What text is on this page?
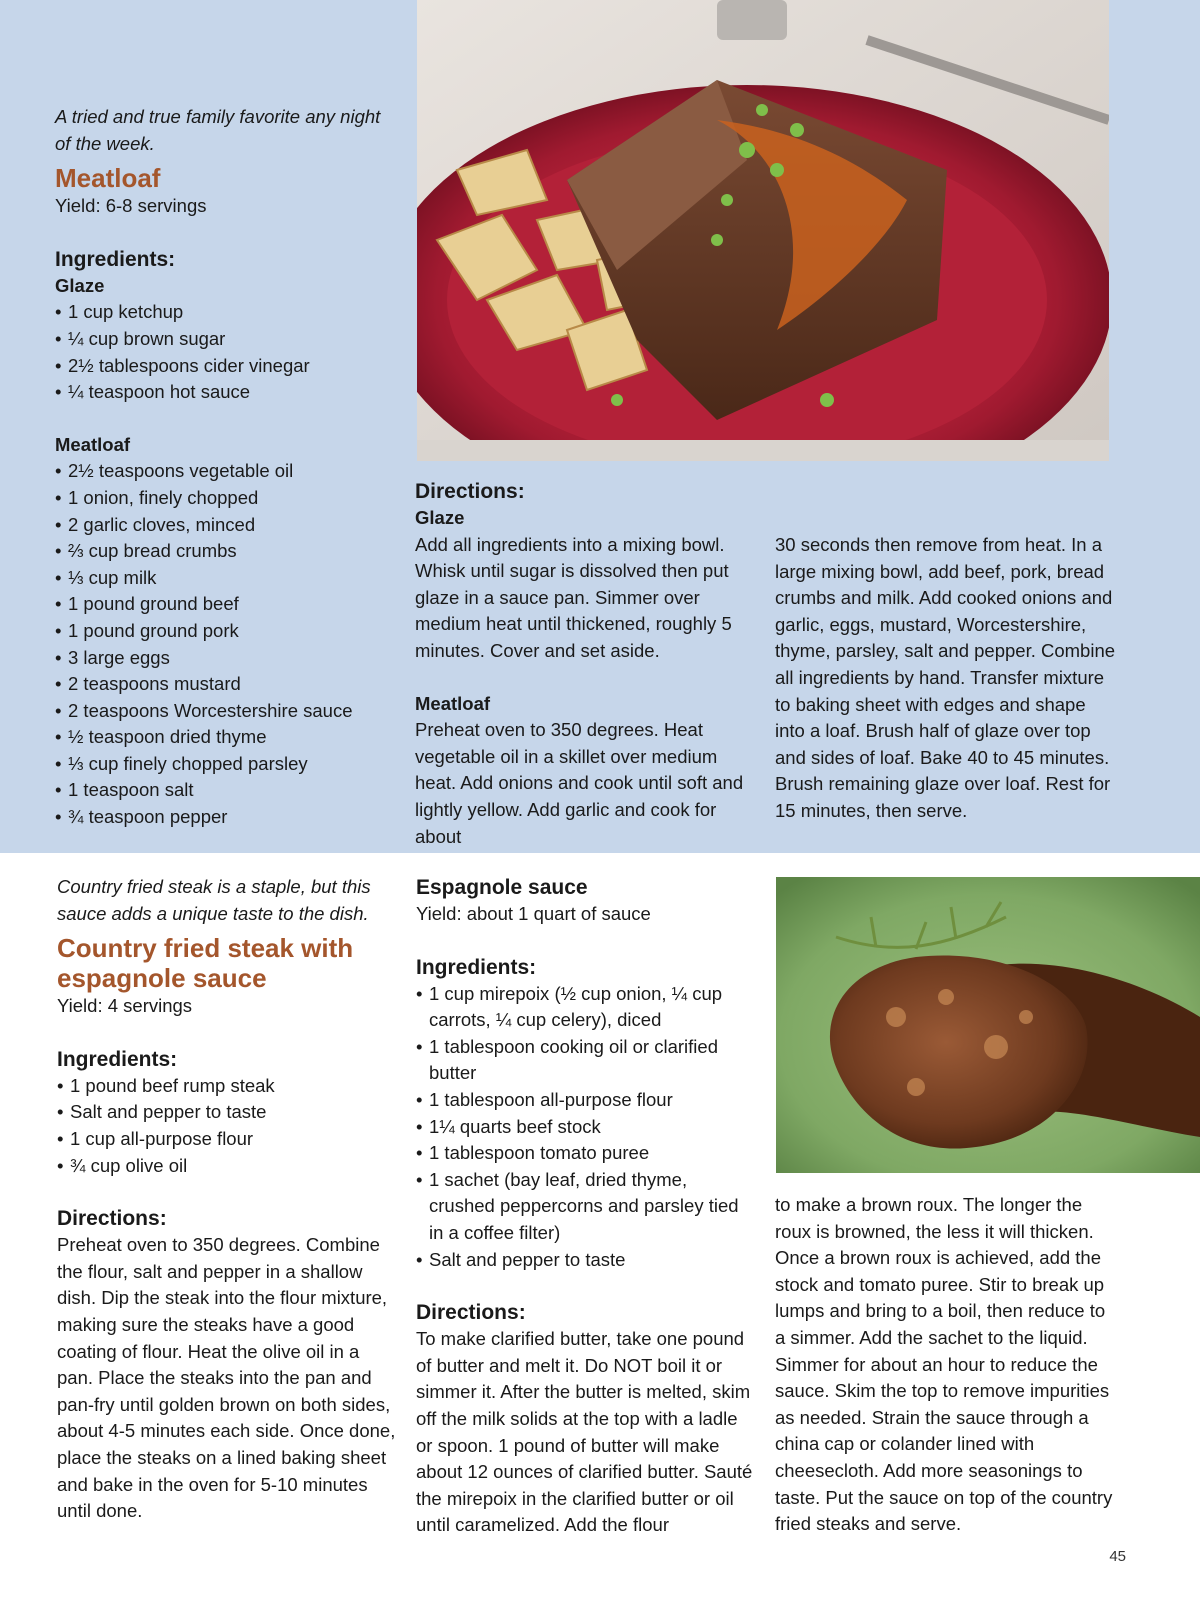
A tried and true family favorite any night of the week.

Meatloaf

Yield: 6-8 servings

Ingredients:

Glaze

• 1 cup ketchup
• ¼ cup brown sugar
• 2½ tablespoons cider vinegar
• ¼ teaspoon hot sauce

Meatloaf

• 2½ teaspoons vegetable oil
• 1 onion, finely chopped
• 2 garlic cloves, minced
• ⅔ cup bread crumbs
• ⅓ cup milk
• 1 pound ground beef
• 1 pound ground pork
• 3 large eggs
• 2 teaspoons mustard
• 2 teaspoons Worcestershire sauce
• ½ teaspoon dried thyme
• ⅓ cup finely chopped parsley
• 1 teaspoon salt
• ¾ teaspoon pepper

Directions:

Glaze

Add all ingredients into a mixing bowl. Whisk until sugar is dissolved then put glaze in a sauce pan. Simmer over medium heat until thickened, roughly 5 minutes. Cover and set aside.

Meatloaf

Preheat oven to 350 degrees. Heat vegetable oil in a skillet over medium heat. Add onions and cook until soft and lightly yellow. Add garlic and cook for about

30 seconds then remove from heat. In a large mixing bowl, add beef, pork, bread crumbs and milk. Add cooked onions and garlic, eggs, mustard, Worcestershire, thyme, parsley, salt and pepper. Combine all ingredients by hand. Transfer mixture to baking sheet with edges and shape into a loaf. Brush half of glaze over top and sides of loaf. Bake 40 to 45 minutes. Brush remaining glaze over loaf. Rest for 15 minutes, then serve.

Country fried steak is a staple, but this sauce adds a unique taste to the dish.

Country fried steak with espagnole sauce

Yield: 4 servings

Ingredients:

• 1 pound beef rump steak
• Salt and pepper to taste
• 1 cup all-purpose flour
• ¾ cup olive oil

Directions:

Preheat oven to 350 degrees. Combine the flour, salt and pepper in a shallow dish. Dip the steak into the flour mixture, making sure the steaks have a good coating of flour. Heat the olive oil in a pan. Place the steaks into the pan and pan-fry until golden brown on both sides, about 4-5 minutes each side. Once done, place the steaks on a lined baking sheet and bake in the oven for 5-10 minutes until done.

Espagnole sauce

Yield: about 1 quart of sauce

Ingredients:

• 1 cup mirepoix (½ cup onion, ¼ cup carrots, ¼ cup celery), diced
• 1 tablespoon cooking oil or clarified butter
• 1 tablespoon all-purpose flour
• 1¼ quarts beef stock
• 1 tablespoon tomato puree
• 1 sachet (bay leaf, dried thyme, crushed peppercorns and parsley tied in a coffee filter)
• Salt and pepper to taste

Directions:

To make clarified butter, take one pound of butter and melt it. Do NOT boil it or simmer it. After the butter is melted, skim off the milk solids at the top with a ladle or spoon. 1 pound of butter will make about 12 ounces of clarified butter. Sauté the mirepoix in the clarified butter or oil until caramelized. Add the flour

to make a brown roux. The longer the roux is browned, the less it will thicken. Once a brown roux is achieved, add the stock and tomato puree. Stir to break up lumps and bring to a boil, then reduce to a simmer. Add the sachet to the liquid. Simmer for about an hour to reduce the sauce. Skim the top to remove impurities as needed. Strain the sauce through a china cap or colander lined with cheesecloth. Add more seasonings to taste. Put the sauce on top of the country fried steaks and serve.

45
